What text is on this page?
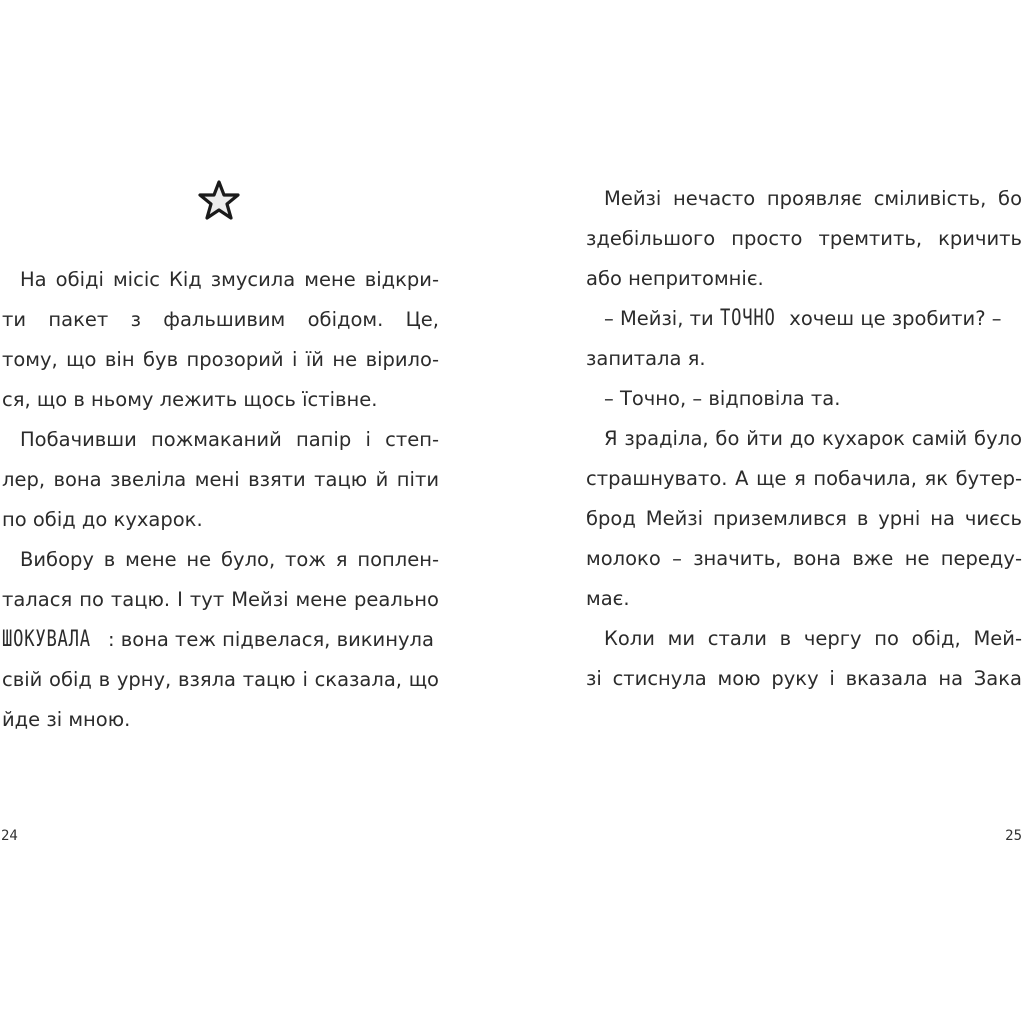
На обіді місіс Кід змусила мене відкри-
ти пакет з фальшивим обідом. Це,
тому, що він був прозорий і їй не вірило-
ся, що в ньому лежить щось їстівне.
Побачивши пожмаканий папір і степ-
лер, вона звеліла мені взяти тацю й піти
по обід до кухарок.
Вибору в мене не було, тож я поплен-
талася по тацю. І тут Мейзі мене реально
ШОКУВАЛА : вона теж підвелася, викинула
свій обід в урну, взяла тацю і сказала, що
йде зі мною.
24
Мейзі нечасто проявляє сміливість, бо
здебільшого просто тремтить, кричить
або непритомніє.
– Мейзі, ти ТОЧНО хочеш це зробити? –
запитала я.
– Точно, – відповіла та.
Я зраділа, бо йти до кухарок самій було
страшнувато. А ще я побачила, як бутер-
брод Мейзі приземлився в урні на чиєсь
молоко – значить, вона вже не переду-
має.
Коли ми стали в чергу по обід, Мей-
зі стиснула мою руку і вказала на Зака
25
